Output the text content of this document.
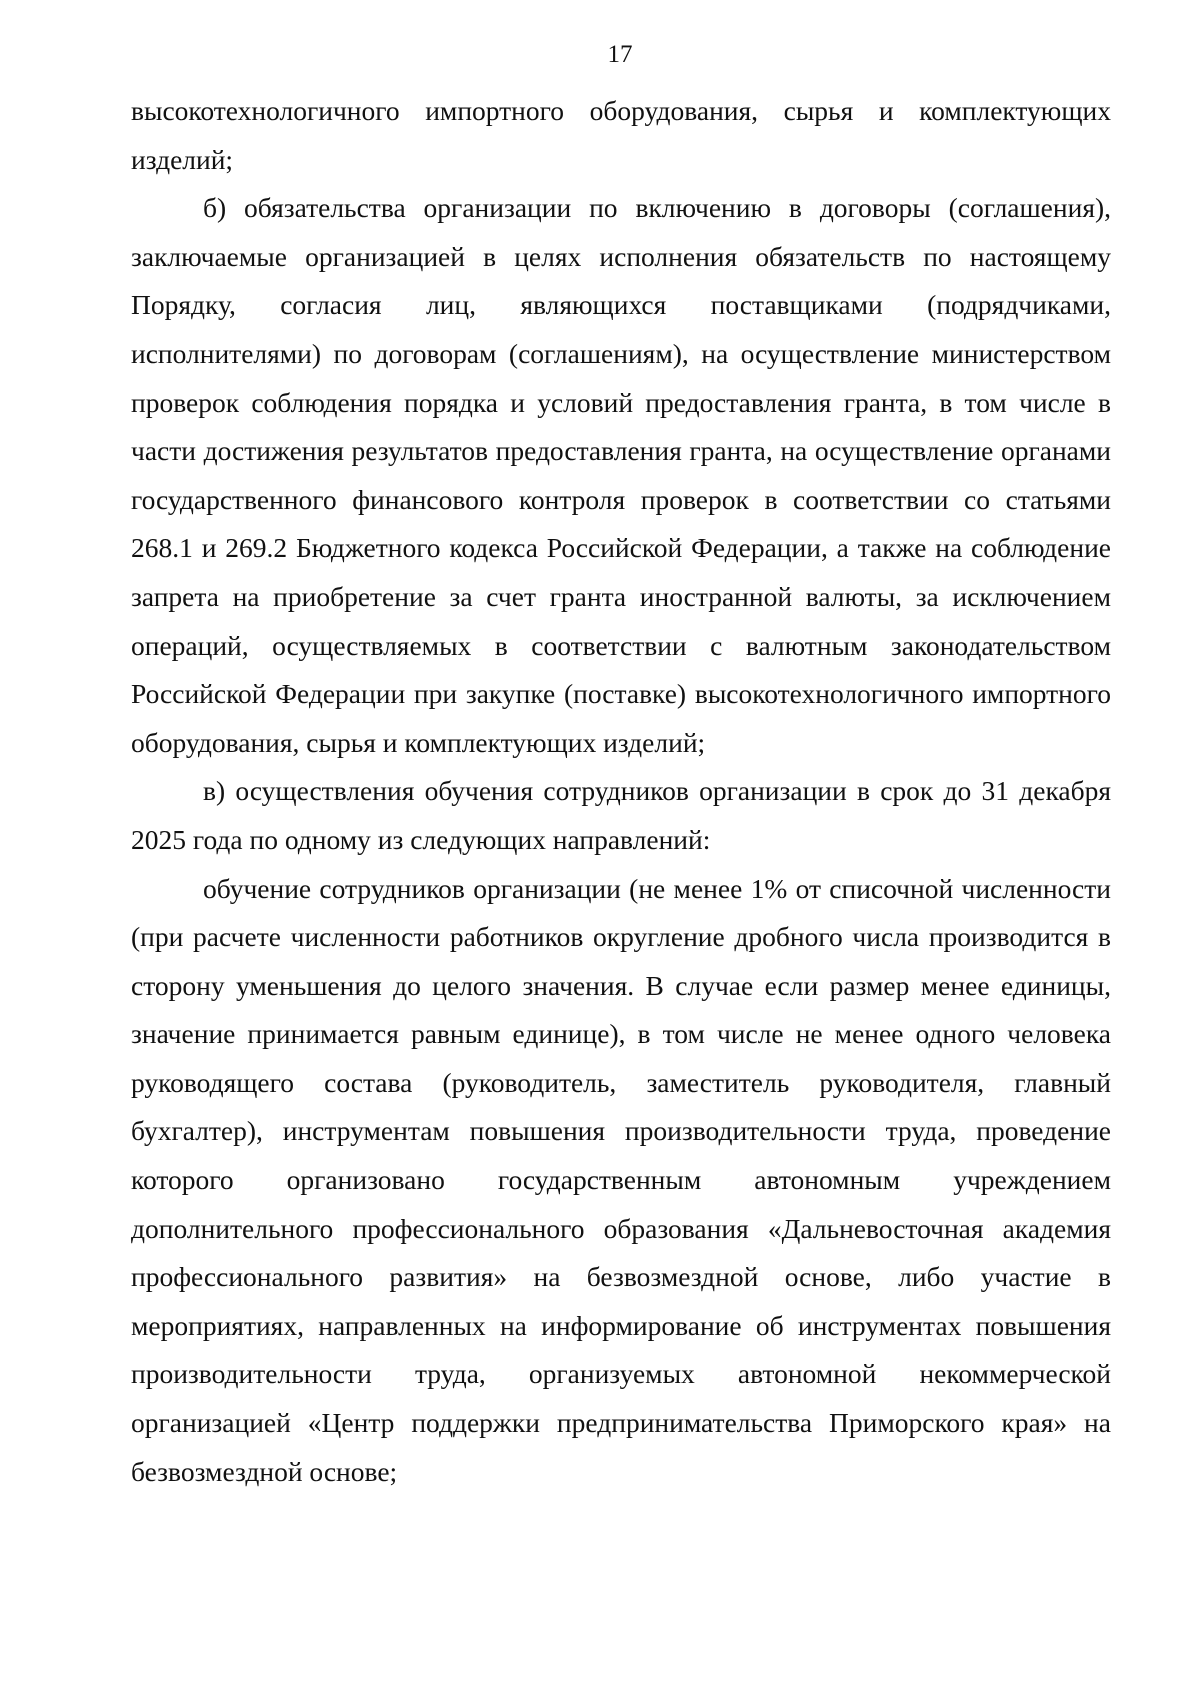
17

высокотехнологичного импортного оборудования, сырья и комплектующих изделий;

б) обязательства организации по включению в договоры (соглашения), заключаемые организацией в целях исполнения обязательств по настоящему Порядку, согласия лиц, являющихся поставщиками (подрядчиками, исполнителями) по договорам (соглашениям), на осуществление министерством проверок соблюдения порядка и условий предоставления гранта, в том числе в части достижения результатов предоставления гранта, на осуществление органами государственного финансового контроля проверок в соответствии со статьями 268.1 и 269.2 Бюджетного кодекса Российской Федерации, а также на соблюдение запрета на приобретение за счет гранта иностранной валюты, за исключением операций, осуществляемых в соответствии с валютным законодательством Российской Федерации при закупке (поставке) высокотехнологичного импортного оборудования, сырья и комплектующих изделий;

в) осуществления обучения сотрудников организации в срок до 31 декабря 2025 года по одному из следующих направлений:

обучение сотрудников организации (не менее 1% от списочной численности (при расчете численности работников округление дробного числа производится в сторону уменьшения до целого значения. В случае если размер менее единицы, значение принимается равным единице), в том числе не менее одного человека руководящего состава (руководитель, заместитель руководителя, главный бухгалтер), инструментам повышения производительности труда, проведение которого организовано государственным автономным учреждением дополнительного профессионального образования «Дальневосточная академия профессионального развития» на безвозмездной основе, либо участие в мероприятиях, направленных на информирование об инструментах повышения производительности труда, организуемых автономной некоммерческой организацией «Центр поддержки предпринимательства Приморского края» на безвозмездной основе;
